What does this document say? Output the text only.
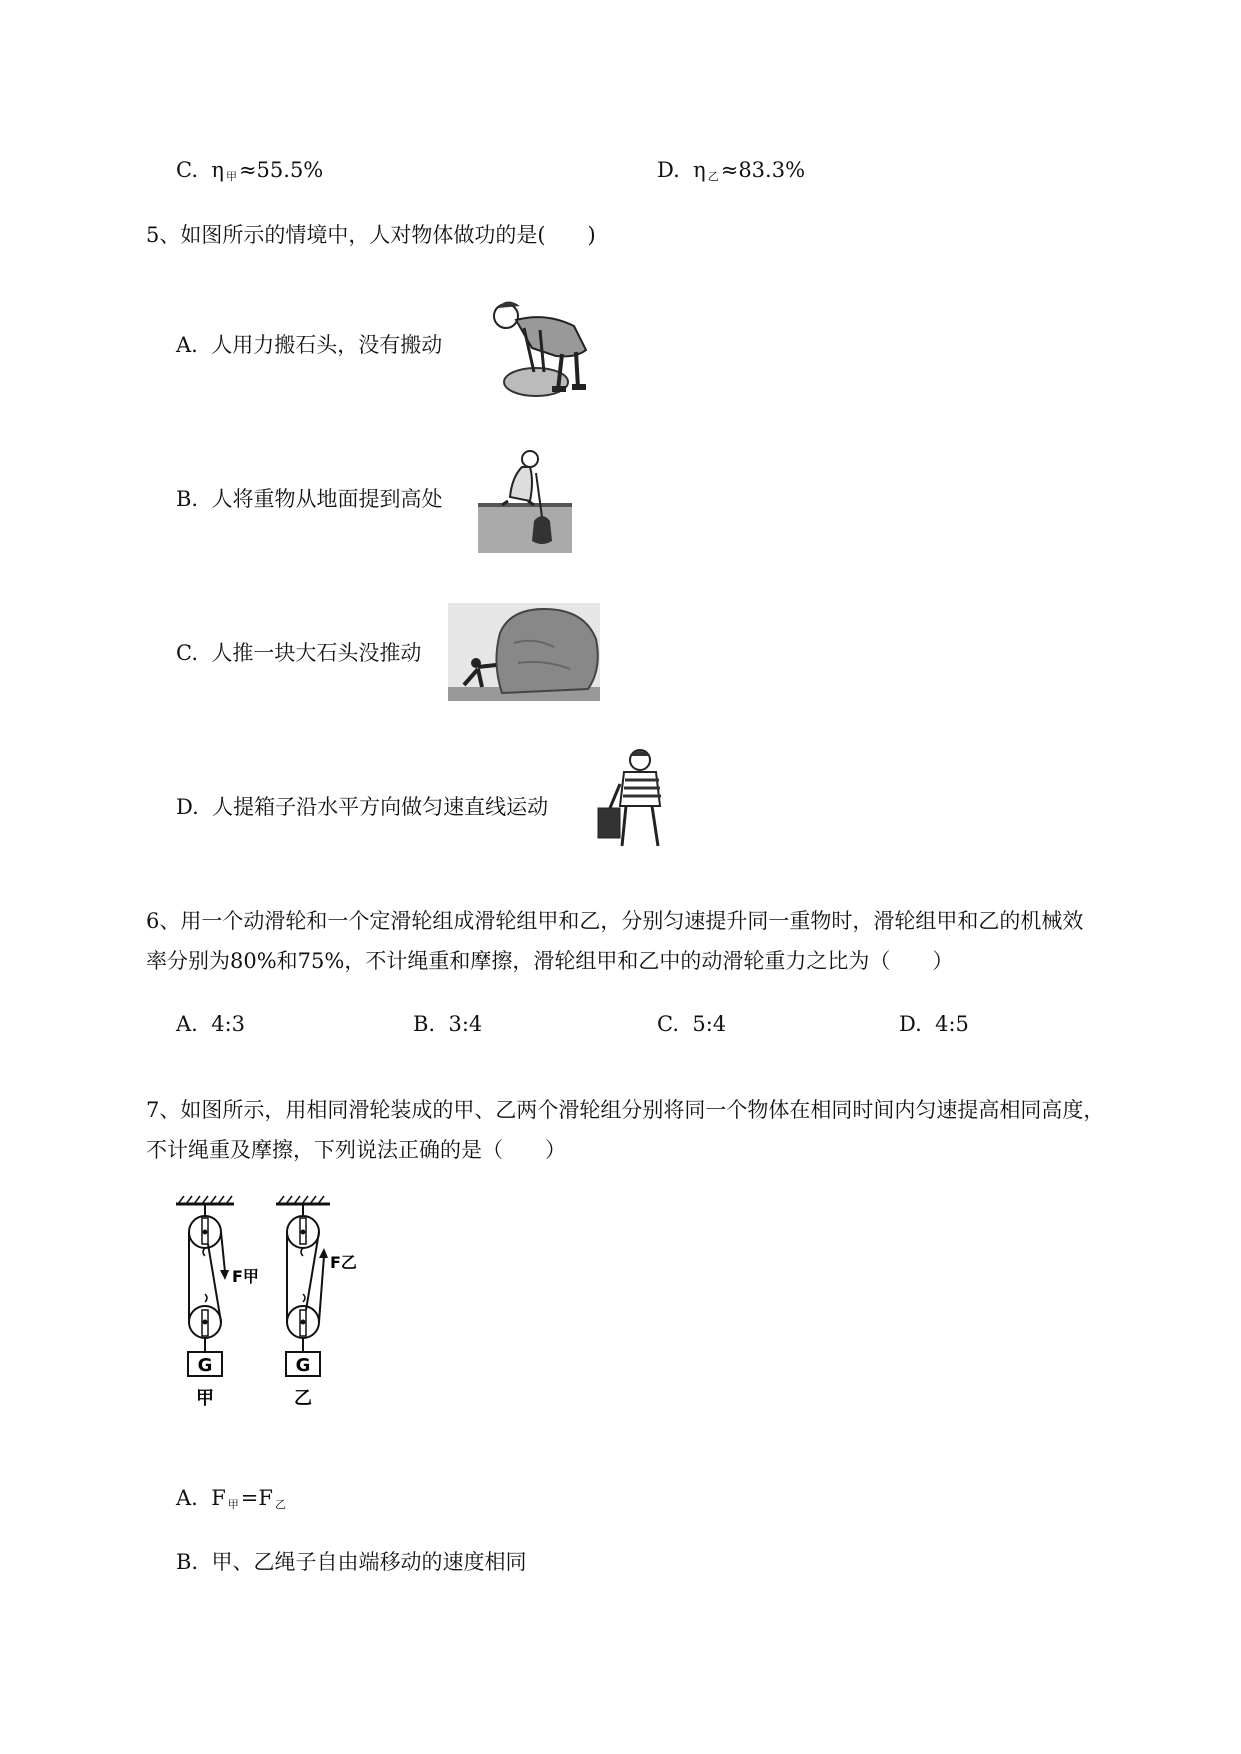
C. η $_甲$≈55.5%	D. η $_乙$≈83.3%
5、如图所示的情境中，人对物体做功的是(　　)
A. 人用力搬石头，没有搬动
B. 人将重物从地面提到高处
C. 人推一块大石头没推动
D. 人提箱子沿水平方向做匀速直线运动
6、用一个动滑轮和一个定滑轮组成滑轮组甲和乙，分别匀速提升同一重物时，滑轮组甲和乙的机械效
率分别为80%和75%，不计绳重和摩擦，滑轮组甲和乙中的动滑轮重力之比为（　　）
A. 4:3	B. 3:4	C. 5:4	D. 4:5
7、如图所示，用相同滑轮装成的甲、乙两个滑轮组分别将同一个物体在相同时间内匀速提高相同高度，
不计绳重及摩擦，下列说法正确的是（　　）
G
F甲
甲
G
F乙
乙
A. F $_甲$=F $_乙$
B. 甲、乙绳子自由端移动的速度相同
